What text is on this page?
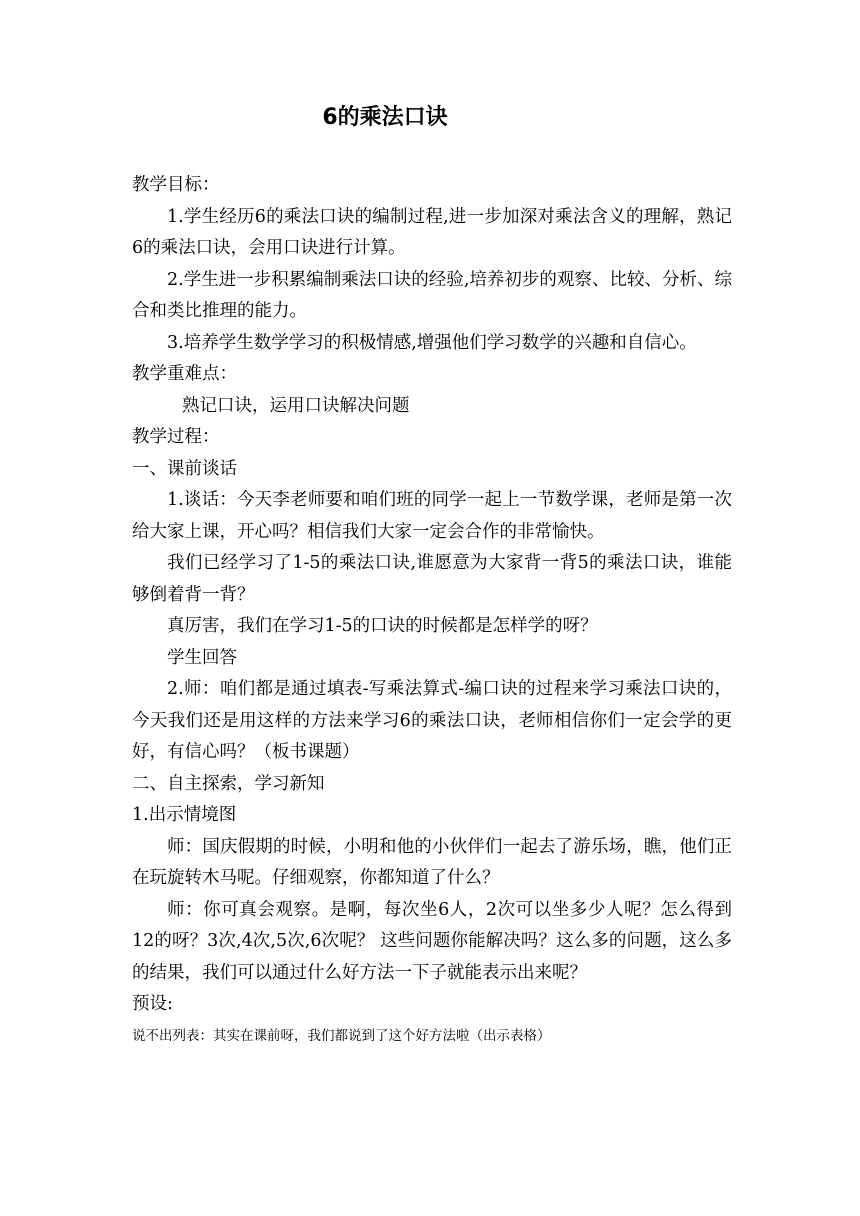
6的乘法口诀

教学目标：

1.学生经历6的乘法口诀的编制过程,进一步加深对乘法含义的理解，熟记6的乘法口诀，会用口诀进行计算。

2.学生进一步积累编制乘法口诀的经验,培养初步的观察、比较、分析、综合和类比推理的能力。

3.培养学生数学学习的积极情感,增强他们学习数学的兴趣和自信心。

教学重难点：

熟记口诀，运用口诀解决问题

教学过程：

一、课前谈话

1.谈话：今天李老师要和咱们班的同学一起上一节数学课，老师是第一次给大家上课，开心吗？相信我们大家一定会合作的非常愉快。

我们已经学习了1-5的乘法口诀,谁愿意为大家背一背5的乘法口诀，谁能够倒着背一背？

真厉害，我们在学习1-5的口诀的时候都是怎样学的呀？

学生回答

2.师：咱们都是通过填表-写乘法算式-编口诀的过程来学习乘法口诀的，今天我们还是用这样的方法来学习6的乘法口诀，老师相信你们一定会学的更好，有信心吗？（板书课题）

二、自主探索，学习新知

1.出示情境图

师：国庆假期的时候，小明和他的小伙伴们一起去了游乐场，瞧，他们正在玩旋转木马呢。仔细观察，你都知道了什么？

师：你可真会观察。是啊，每次坐6人，2次可以坐多少人呢？怎么得到12的呀？3次,4次,5次,6次呢？ 这些问题你能解决吗？这么多的问题，这么多的结果，我们可以通过什么好方法一下子就能表示出来呢？

预设:

说不出列表：其实在课前呀，我们都说到了这个好方法啦（出示表格）
